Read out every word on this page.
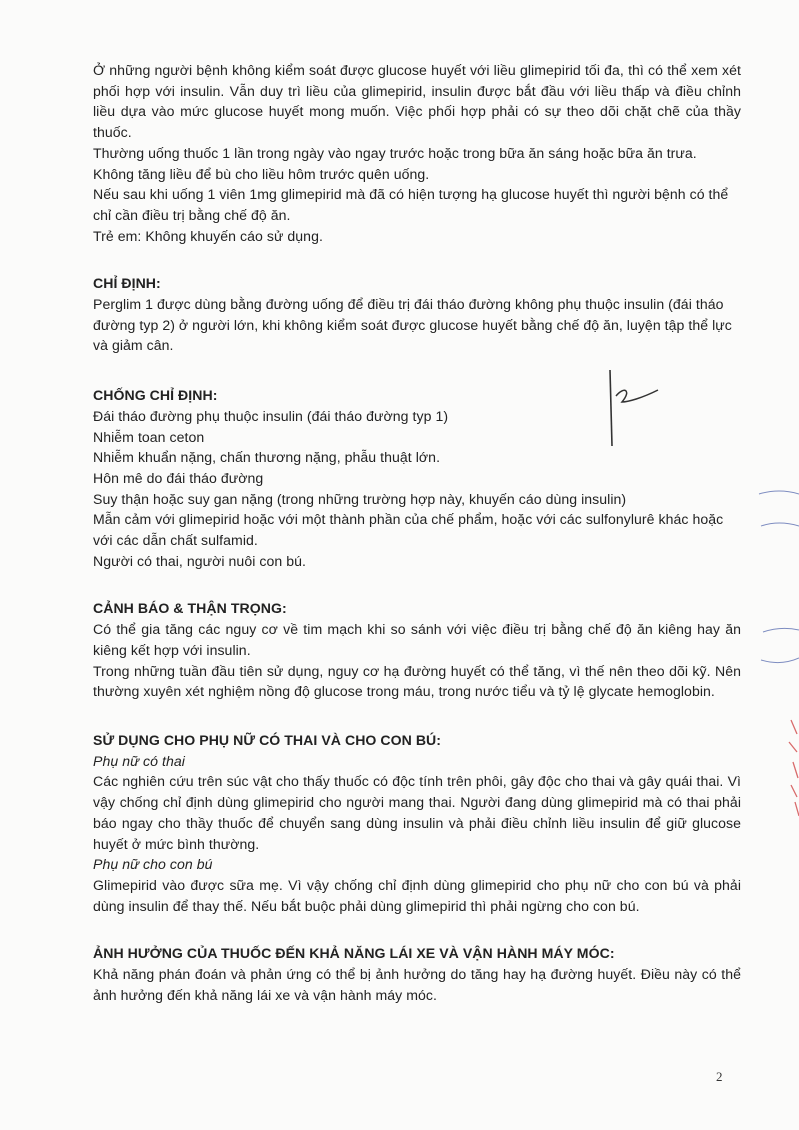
Ở những người bệnh không kiểm soát được glucose huyết với liều glimepirid tối đa, thì có thể xem xét phối hợp với insulin. Vẫn duy trì liều của glimepirid, insulin được bắt đầu với liều thấp và điều chỉnh liều dựa vào mức glucose huyết mong muốn. Việc phối hợp phải có sự theo dõi chặt chẽ của thầy thuốc.

Thường uống thuốc 1 lần trong ngày vào ngay trước hoặc trong bữa ăn sáng hoặc bữa ăn trưa.

Không tăng liều để bù cho liều hôm trước quên uống.

Nếu sau khi uống 1 viên 1mg glimepirid mà đã có hiện tượng hạ glucose huyết thì người bệnh có thể chỉ cần điều trị bằng chế độ ăn.

Trẻ em: Không khuyến cáo sử dụng.

CHỈ ĐỊNH:

Perglim 1 được dùng bằng đường uống để điều trị đái tháo đường không phụ thuộc insulin (đái tháo đường typ 2) ở người lớn, khi không kiểm soát được glucose huyết bằng chế độ ăn, luyện tập thể lực và giảm cân.

CHỐNG CHỈ ĐỊNH:

Đái tháo đường phụ thuộc insulin (đái tháo đường typ 1)

Nhiễm toan ceton

Nhiễm khuẩn nặng, chấn thương nặng, phẫu thuật lớn.

Hôn mê do đái tháo đường

Suy thận hoặc suy gan nặng (trong những trường hợp này, khuyến cáo dùng insulin)

Mẫn cảm với glimepirid hoặc với một thành phần của chế phẩm, hoặc với các sulfonylurê khác hoặc với các dẫn chất sulfamid.

Người có thai, người nuôi con bú.

CẢNH BÁO & THẬN TRỌNG:

Có thể gia tăng các nguy cơ về tim mạch khi so sánh với việc điều trị bằng chế độ ăn kiêng hay ăn kiêng kết hợp với insulin.

Trong những tuần đầu tiên sử dụng, nguy cơ hạ đường huyết có thể tăng, vì thế nên theo dõi kỹ. Nên thường xuyên xét nghiệm nồng độ glucose trong máu, trong nước tiểu và tỷ lệ glycate hemoglobin.

SỬ DỤNG CHO PHỤ NỮ CÓ THAI VÀ CHO CON BÚ:

Phụ nữ có thai

Các nghiên cứu trên súc vật cho thấy thuốc có độc tính trên phôi, gây độc cho thai và gây quái thai. Vì vậy chống chỉ định dùng glimepirid cho người mang thai. Người đang dùng glimepirid mà có thai phải báo ngay cho thầy thuốc để chuyển sang dùng insulin và phải điều chỉnh liều insulin để giữ glucose huyết ở mức bình thường.

Phụ nữ cho con bú

Glimepirid vào được sữa mẹ. Vì vậy chống chỉ định dùng glimepirid cho phụ nữ cho con bú và phải dùng insulin để thay thế. Nếu bắt buộc phải dùng glimepirid thì phải ngừng cho con bú.

ẢNH HƯỞNG CỦA THUỐC ĐẾN KHẢ NĂNG LÁI XE VÀ VẬN HÀNH MÁY MÓC:

Khả năng phán đoán và phản ứng có thể bị ảnh hưởng do tăng hay hạ đường huyết. Điều này có thể ảnh hưởng đến khả năng lái xe và vận hành máy móc.

2
